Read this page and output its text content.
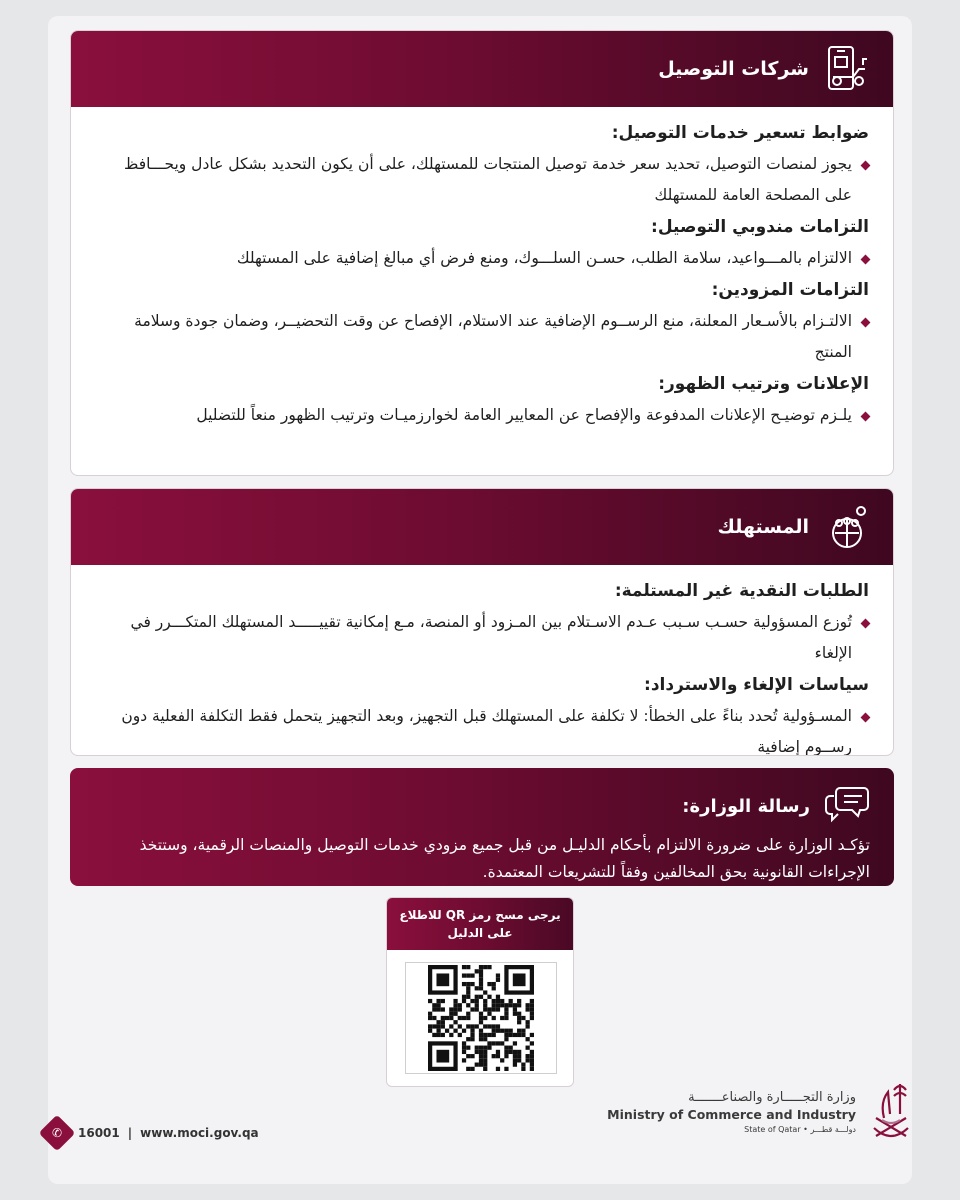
شركات التوصيل
ضوابط تسعير خدمات التوصيل:
يجوز لمنصات التوصيل، تحديد سعر خدمة توصيل المنتجات للمستهلك، على أن يكون التحديد بشكل عادل ويحـــافظ على المصلحة العامة للمستهلك
التزامات مندوبي التوصيل:
الالتزام بالمـــواعيد، سلامة الطلب، حسـن السلـــوك، ومنع فرض أي مبالغ إضافية على المستهلك
التزامات المزودين:
الالتـزام بالأسـعار المعلنة، منع الرســوم الإضافية عند الاستلام، الإفصاح عن وقت التحضيــر، وضمان جودة وسلامة المنتج
الإعلانات وترتيب الظهور:
يلـزم توضيـح الإعلانات المدفوعة والإفصاح عن المعايير العامة لخوارزميـات وترتيب الظهور منعاً للتضليل
المستهلك
الطلبات النقدية غير المستلمة:
تُوزع المسؤولية حسـب سـبب عـدم الاسـتلام بين المـزود أو المنصة، مـع إمكانية تقييـــــد المستهلك المتكـــرر في الإلغاء
سياسات الإلغاء والاسترداد:
المسـؤولية تُحدد بناءً على الخطأ: لا تكلفة على المستهلك قبل التجهيز، وبعد التجهيز يتحمل فقط التكلفة الفعلية دون رســوم إضافية
رسالة الوزارة:
تؤكـد الوزارة على ضرورة الالتزام بأحكام الدليـل من قبل جميع مزودي خدمات التوصيل والمنصات الرقمية، وستتخذ الإجراءات القانونية بحق المخالفين وفقاً للتشريعات المعتمدة.
يرجى مسح رمز QR للاطلاع على الدليل
✆ 16001 | www.moci.gov.qa
وزارة التجـــــارة والصناعـــــــة
Ministry of Commerce and Industry
State of Qatar • دولـــة قطـــر
